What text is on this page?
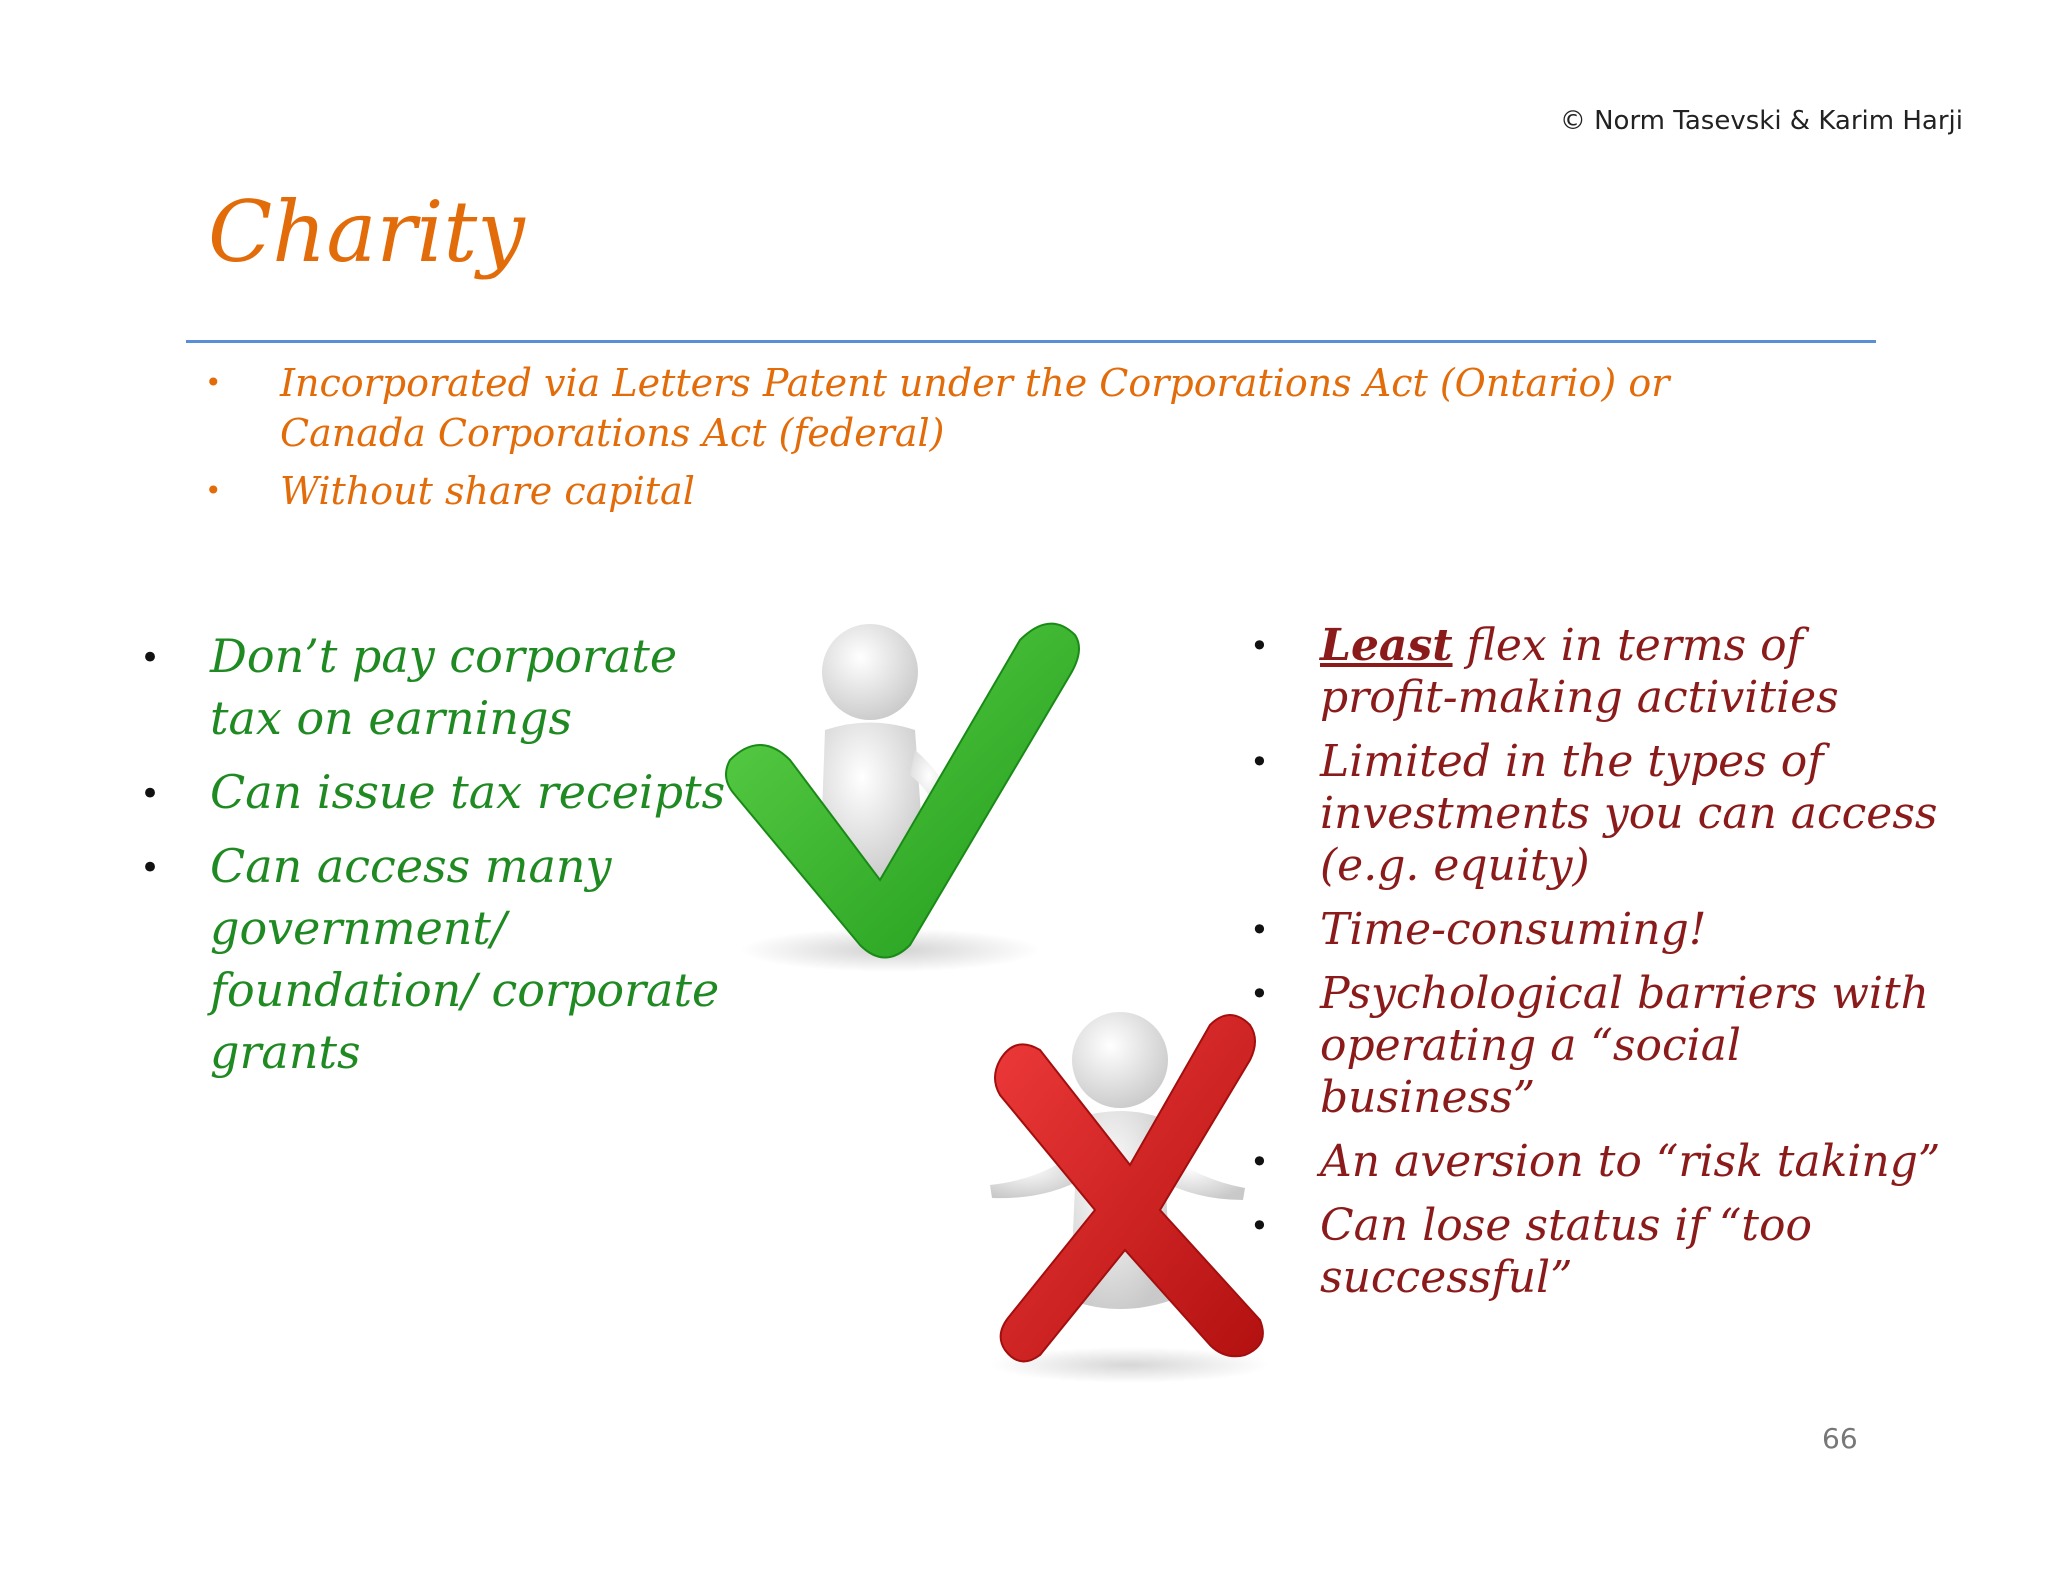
© Norm Tasevski & Karim Harji
Charity
• Incorporated via Letters Patent under the Corporations Act (Ontario) or Canada Corporations Act (federal)
• Without share capital
• Don’t pay corporate tax on earnings
• Can issue tax receipts
• Can access many government/ foundation/ corporate grants
• Least flex in terms of profit-making activities
• Limited in the types of investments you can access (e.g. equity)
• Time-consuming!
• Psychological barriers with operating a “social business”
• An aversion to “risk taking”
• Can lose status if “too successful”
66
